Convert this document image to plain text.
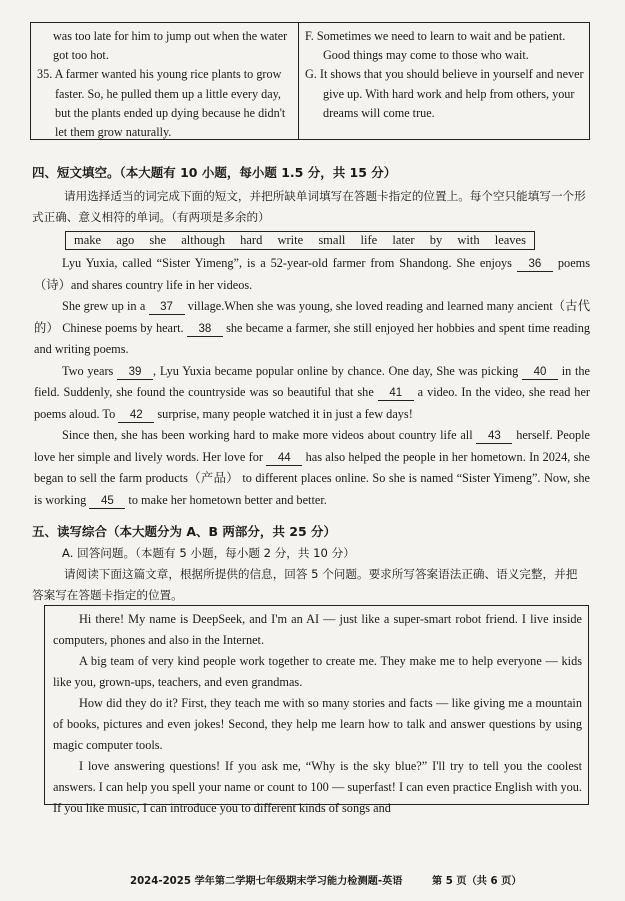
was too late for him to jump out when the water got too hot.

35. A farmer wanted his young rice plants to grow faster. So, he pulled them up a little every day, but the plants ended up dying because he didn't let them grow naturally.

F. Sometimes we need to learn to wait and be patient. Good things may come to those who wait.

G. It shows that you should believe in yourself and never give up. With hard work and help from others, your dreams will come true.

四、短文填空。（本大题有 10 小题，每小题 1.5 分，共 15 分）
请用选择适当的词完成下面的短文，并把所缺单词填写在答题卡指定的位置上。每个空只能填写一个形式正确、意义相符的单词。（有两项是多余的）
make ago she although hard write small life later by with leaves

Lyu Yuxia, called “Sister Yimeng”, is a 52-year-old farmer from Shandong. She enjoys 36 poems（诗）and shares country life in her videos.

She grew up in a 37 village.When she was young, she loved reading and learned many ancient（古代的） Chinese poems by heart. 38 she became a farmer, she still enjoyed her hobbies and spent time reading and writing poems.

Two years 39 , Lyu Yuxia became popular online by chance. One day, She was picking 40 in the field. Suddenly, she found the countryside was so beautiful that she 41 a video. In the video, she read her poems aloud. To 42 surprise, many people watched it in just a few days!

Since then, she has been working hard to make more videos about country life all 43 herself. People love her simple and lively words. Her love for 44 has also helped the people in her hometown. In 2024, she began to sell the farm products（产品） to different places online. So she is named “Sister Yimeng”. Now, she is working 45 to make her hometown better and better.

五、读写综合（本大题分为 A、B 两部分，共 25 分）
A. 回答问题。（本题有 5 小题，每小题 2 分，共 10 分）
请阅读下面这篇文章，根据所提供的信息，回答 5 个问题。要求所写答案语法正确、语义完整，并把答案写在答题卡指定的位置。

Hi there! My name is DeepSeek, and I'm an AI — just like a super-smart robot friend. I live inside computers, phones and also in the Internet.

A big team of very kind people work together to create me. They make me to help everyone — kids like you, grown-ups, teachers, and even grandmas.

How did they do it? First, they teach me with so many stories and facts — like giving me a mountain of books, pictures and even jokes! Second, they help me learn how to talk and answer questions by using magic computer tools.

I love answering questions! If you ask me, “Why is the sky blue?” I'll try to tell you the coolest answers. I can help you spell your name or count to 100 — superfast! I can even practice English with you. If you like music, I can introduce you to different kinds of songs and

2024-2025 学年第二学期七年级期末学习能力检测题-英语	第 5 页（共 6 页）
